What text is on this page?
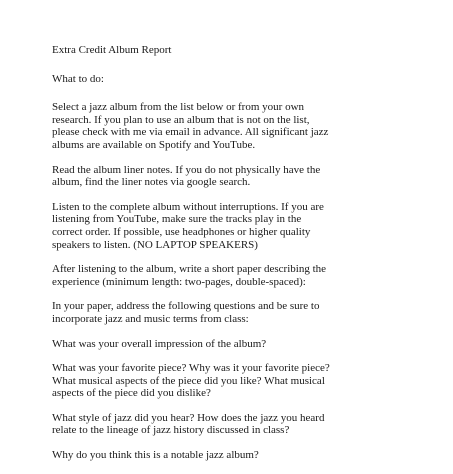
Extra Credit Album Report

What to do:

Select a jazz album from the list below or from your own
research. If you plan to use an album that is not on the list,
please check with me via email in advance. All significant jazz
albums are available on Spotify and YouTube.

Read the album liner notes. If you do not physically have the
album, find the liner notes via google search.

Listen to the complete album without interruptions. If you are
listening from YouTube, make sure the tracks play in the
correct order. If possible, use headphones or higher quality
speakers to listen. (NO LAPTOP SPEAKERS)

After listening to the album, write a short paper describing the
experience (minimum length: two-pages, double-spaced):

In your paper, address the following questions and be sure to
incorporate jazz and music terms from class:

What was your overall impression of the album?

What was your favorite piece? Why was it your favorite piece?
What musical aspects of the piece did you like? What musical
aspects of the piece did you dislike?

What style of jazz did you hear? How does the jazz you heard
relate to the lineage of jazz history discussed in class?

Why do you think this is a notable jazz album?
